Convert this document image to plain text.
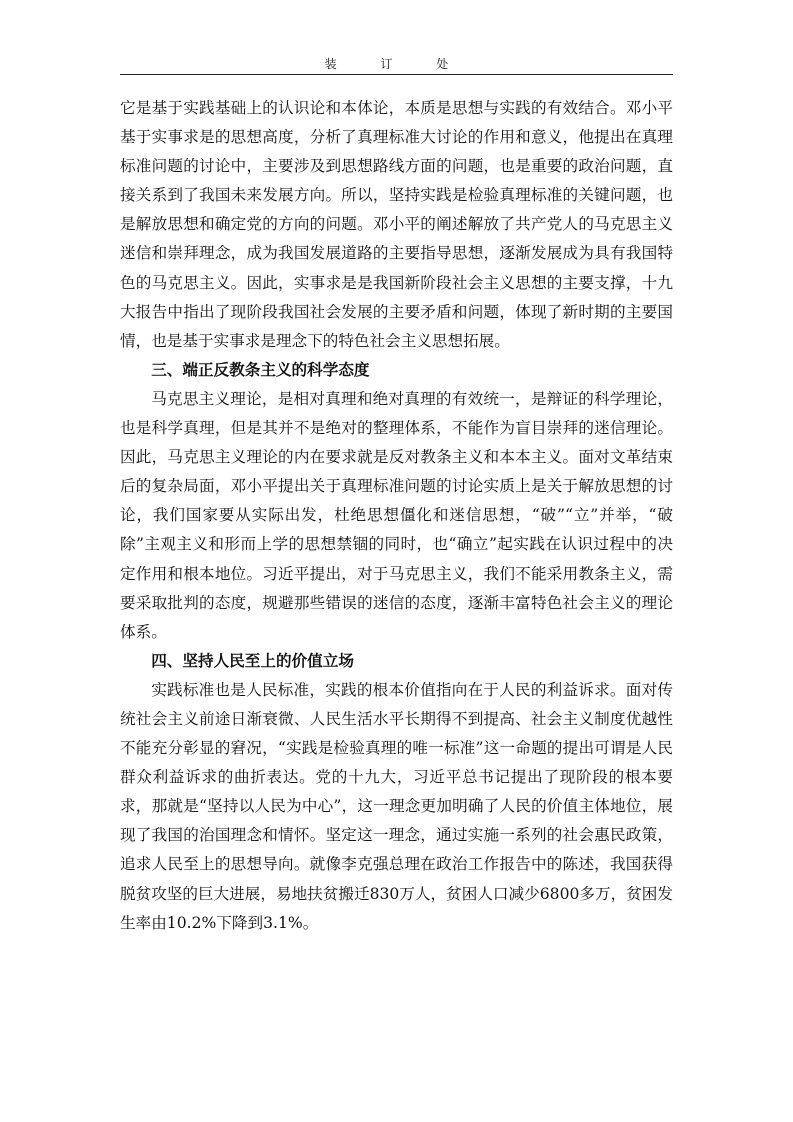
装 订 处

它是基于实践基础上的认识论和本体论，本质是思想与实践的有效结合。邓小平基于实事求是的思想高度，分析了真理标准大讨论的作用和意义，他提出在真理标准问题的讨论中，主要涉及到思想路线方面的问题，也是重要的政治问题，直接关系到了我国未来发展方向。所以，坚持实践是检验真理标准的关键问题，也是解放思想和确定党的方向的问题。邓小平的阐述解放了共产党人的马克思主义迷信和崇拜理念，成为我国发展道路的主要指导思想，逐渐发展成为具有我国特色的马克思主义。因此，实事求是是我国新阶段社会主义思想的主要支撑，十九大报告中指出了现阶段我国社会发展的主要矛盾和问题，体现了新时期的主要国情，也是基于实事求是理念下的特色社会主义思想拓展。

三、端正反教条主义的科学态度

马克思主义理论，是相对真理和绝对真理的有效统一，是辩证的科学理论，也是科学真理，但是其并不是绝对的整理体系，不能作为盲目崇拜的迷信理论。因此，马克思主义理论的内在要求就是反对教条主义和本本主义。面对文革结束后的复杂局面，邓小平提出关于真理标准问题的讨论实质上是关于解放思想的讨论，我们国家要从实际出发，杜绝思想僵化和迷信思想，“破”“立”并举，“破除”主观主义和形而上学的思想禁锢的同时，也“确立”起实践在认识过程中的决定作用和根本地位。习近平提出，对于马克思主义，我们不能采用教条主义，需要采取批判的态度，规避那些错误的迷信的态度，逐渐丰富特色社会主义的理论体系。

四、坚持人民至上的价值立场

实践标准也是人民标准，实践的根本价值指向在于人民的利益诉求。面对传统社会主义前途日渐衰微、人民生活水平长期得不到提高、社会主义制度优越性不能充分彰显的窘况，“实践是检验真理的唯一标准”这一命题的提出可谓是人民群众利益诉求的曲折表达。党的十九大，习近平总书记提出了现阶段的根本要求，那就是“坚持以人民为中心”，这一理念更加明确了人民的价值主体地位，展现了我国的治国理念和情怀。坚定这一理念，通过实施一系列的社会惠民政策，追求人民至上的思想导向。就像李克强总理在政治工作报告中的陈述，我国获得脱贫攻坚的巨大进展，易地扶贫搬迁830万人，贫困人口减少6800多万，贫困发生率由10.2%下降到3.1%。
